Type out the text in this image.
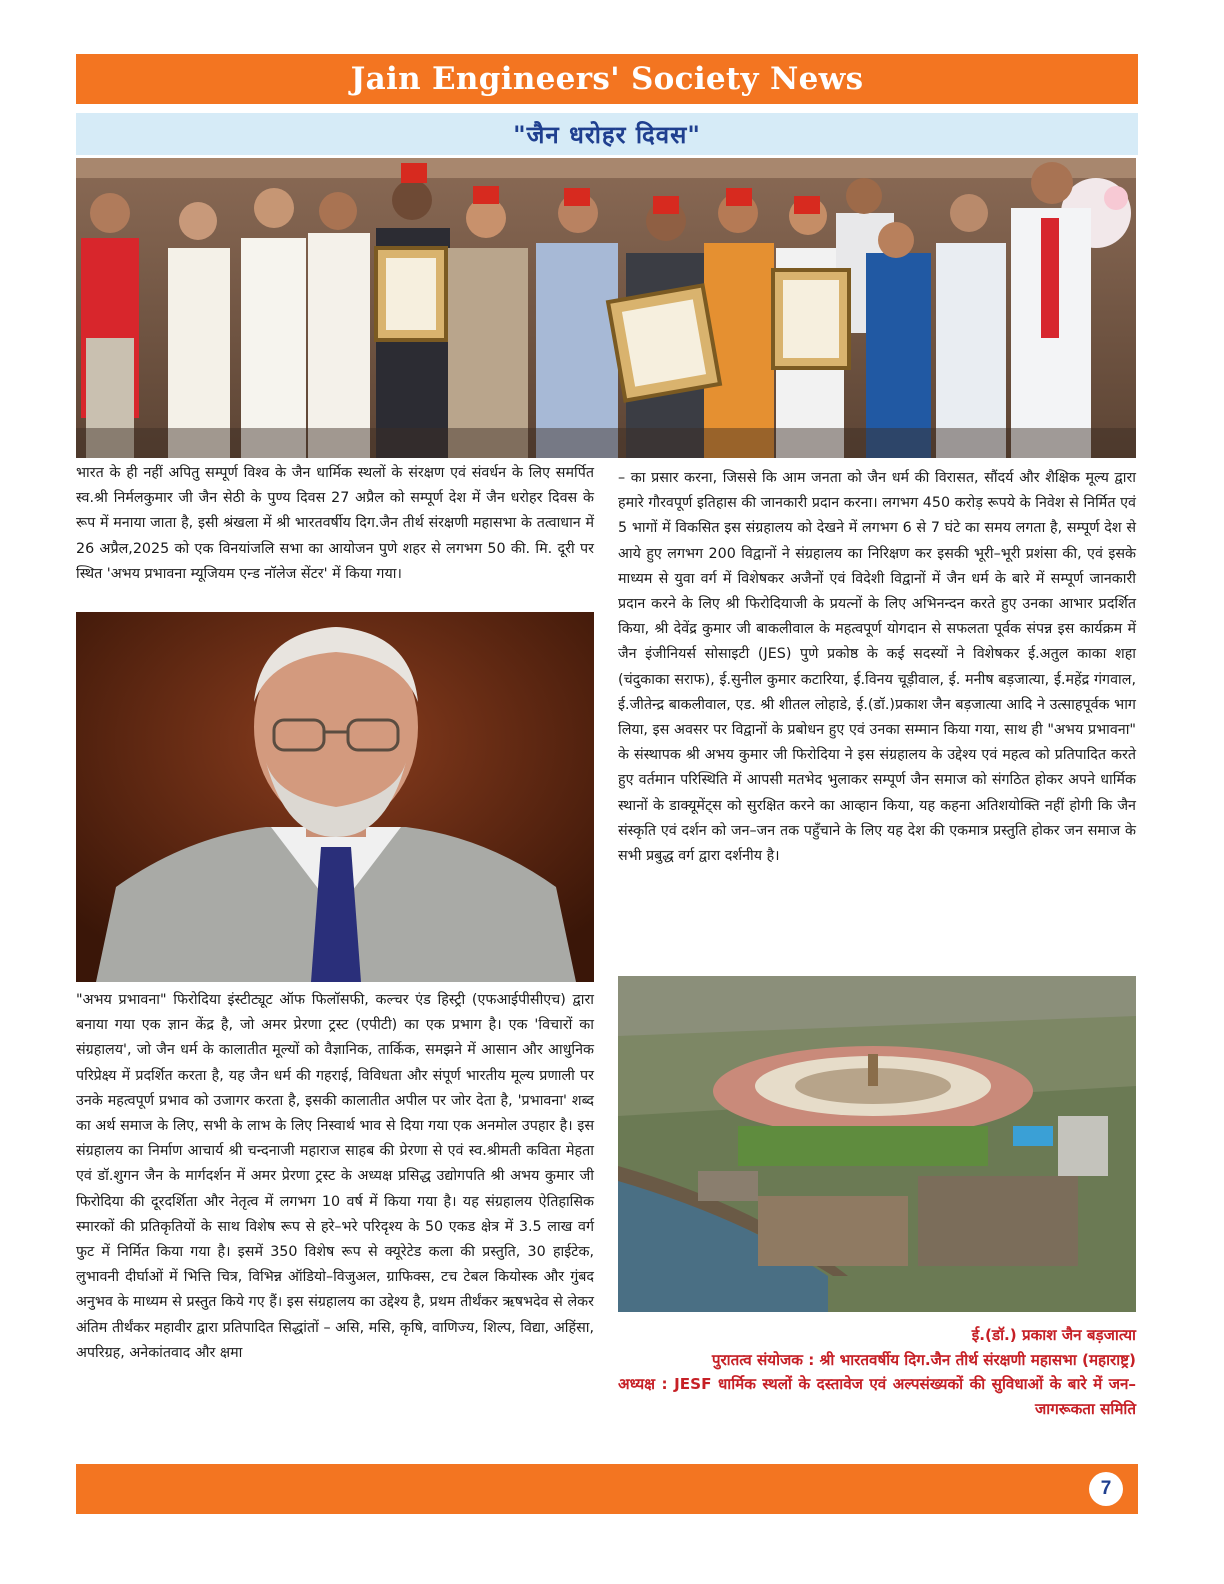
Jain Engineers' Society News
"जैन धरोहर दिवस"

भारत के ही नहीं अपितु सम्पूर्ण विश्व के जैन धार्मिक स्थलों के संरक्षण एवं संवर्धन के लिए समर्पित स्व.श्री निर्मलकुमार जी जैन सेठी के पुण्य दिवस 27 अप्रैल को सम्पूर्ण देश में जैन धरोहर दिवस के रूप में मनाया जाता है, इसी श्रंखला में श्री भारतवर्षीय दिग.जैन तीर्थ संरक्षणी महासभा के तत्वाधान में 26 अप्रैल,2025 को एक विनयांजलि सभा का आयोजन पुणे शहर से लगभग 50 की. मि. दूरी पर स्थित 'अभय प्रभावना म्यूजियम एन्ड नॉलेज सेंटर' में किया गया।

"अभय प्रभावना" फिरोदिया इंस्टीट्यूट ऑफ फिलॉसफी, कल्चर एंड हिस्ट्री (एफआईपीसीएच) द्वारा बनाया गया एक ज्ञान केंद्र है, जो अमर प्रेरणा ट्रस्ट (एपीटी) का एक प्रभाग है। एक 'विचारों का संग्रहालय', जो जैन धर्म के कालातीत मूल्यों को वैज्ञानिक, तार्किक, समझने में आसान और आधुनिक परिप्रेक्ष्य में प्रदर्शित करता है, यह जैन धर्म की गहराई, विविधता और संपूर्ण भारतीय मूल्य प्रणाली पर उनके महत्वपूर्ण प्रभाव को उजागर करता है, इसकी कालातीत अपील पर जोर देता है, 'प्रभावना' शब्द का अर्थ समाज के लिए, सभी के लाभ के लिए निस्वार्थ भाव से दिया गया एक अनमोल उपहार है। इस संग्रहालय का निर्माण आचार्य श्री चन्दनाजी महाराज साहब की प्रेरणा से एवं स्व.श्रीमती कविता मेहता एवं डॉ.शुगन जैन के मार्गदर्शन में अमर प्रेरणा ट्रस्ट के अध्यक्ष प्रसिद्ध उद्योगपति श्री अभय कुमार जी फिरोदिया की दूरदर्शिता और नेतृत्व में लगभग 10 वर्ष में किया गया है। यह संग्रहालय ऐतिहासिक स्मारकों की प्रतिकृतियों के साथ विशेष रूप से हरे–भरे परिदृश्य के 50 एकड क्षेत्र में 3.5 लाख वर्ग फुट में निर्मित किया गया है। इसमें 350 विशेष रूप से क्यूरेटेड कला की प्रस्तुति, 30 हाईटेक, लुभावनी दीर्घाओं में भित्ति चित्र, विभिन्न ऑडियो–विजुअल, ग्राफिक्स, टच टेबल कियोस्क और गुंबद अनुभव के माध्यम से प्रस्तुत किये गए हैं। इस संग्रहालय का उद्देश्य है, प्रथम तीर्थंकर ऋषभदेव से लेकर अंतिम तीर्थंकर महावीर द्वारा प्रतिपादित सिद्धांतों – असि, मसि, कृषि, वाणिज्य, शिल्प, विद्या, अहिंसा, अपरिग्रह, अनेकांतवाद और क्षमा

– का प्रसार करना, जिससे कि आम जनता को जैन धर्म की विरासत, सौंदर्य और शैक्षिक मूल्य द्वारा हमारे गौरवपूर्ण इतिहास की जानकारी प्रदान करना। लगभग 450 करोड़ रूपये के निवेश से निर्मित एवं 5 भागों में विकसित इस संग्रहालय को देखने में लगभग 6 से 7 घंटे का समय लगता है, सम्पूर्ण देश से आये हुए लगभग 200 विद्वानों ने संग्रहालय का निरिक्षण कर इसकी भूरी–भूरी प्रशंसा की, एवं इसके माध्यम से युवा वर्ग में विशेषकर अजैनों एवं विदेशी विद्वानों में जैन धर्म के बारे में सम्पूर्ण जानकारी प्रदान करने के लिए श्री फिरोदियाजी के प्रयत्नों के लिए अभिनन्दन करते हुए उनका आभार प्रदर्शित किया, श्री देवेंद्र कुमार जी बाकलीवाल के महत्वपूर्ण योगदान से सफलता पूर्वक संपन्न इस कार्यक्रम में जैन इंजीनियर्स सोसाइटी (JES) पुणे प्रकोष्ठ के कई सदस्यों ने विशेषकर ई.अतुल काका शहा (चंदुकाका सराफ), ई.सुनील कुमार कटारिया, ई.विनय चूड़ीवाल, ई. मनीष बड़जात्या, ई.महेंद्र गंगवाल, ई.जीतेन्द्र बाकलीवाल, एड. श्री शीतल लोहाडे, ई.(डॉ.)प्रकाश जैन बड़जात्या आदि ने उत्साहपूर्वक भाग लिया, इस अवसर पर विद्वानों के प्रबोधन हुए एवं उनका सम्मान किया गया, साथ ही "अभय प्रभावना" के संस्थापक श्री अभय कुमार जी फिरोदिया ने इस संग्रहालय के उद्देश्य एवं महत्व को प्रतिपादित करते हुए वर्तमान परिस्थिति में आपसी मतभेद भुलाकर सम्पूर्ण जैन समाज को संगठित होकर अपने धार्मिक स्थानों के डाक्यूमेंट्स को सुरक्षित करने का आव्हान किया, यह कहना अतिशयोक्ति नहीं होगी कि जैन संस्कृति एवं दर्शन को जन–जन तक पहुँचाने के लिए यह देश की एकमात्र प्रस्तुति होकर जन समाज के सभी प्रबुद्ध वर्ग द्वारा दर्शनीय है।

ई.(डॉ.) प्रकाश जैन बड़जात्या

पुरातत्व संयोजक : श्री भारतवर्षीय दिग.जैन तीर्थ संरक्षणी महासभा (महाराष्ट्र)

अध्यक्ष : JESF धार्मिक स्थलों के दस्तावेज एवं अल्पसंख्यकों की सुविधाओं के बारे में जन–जागरूकता समिति

7
